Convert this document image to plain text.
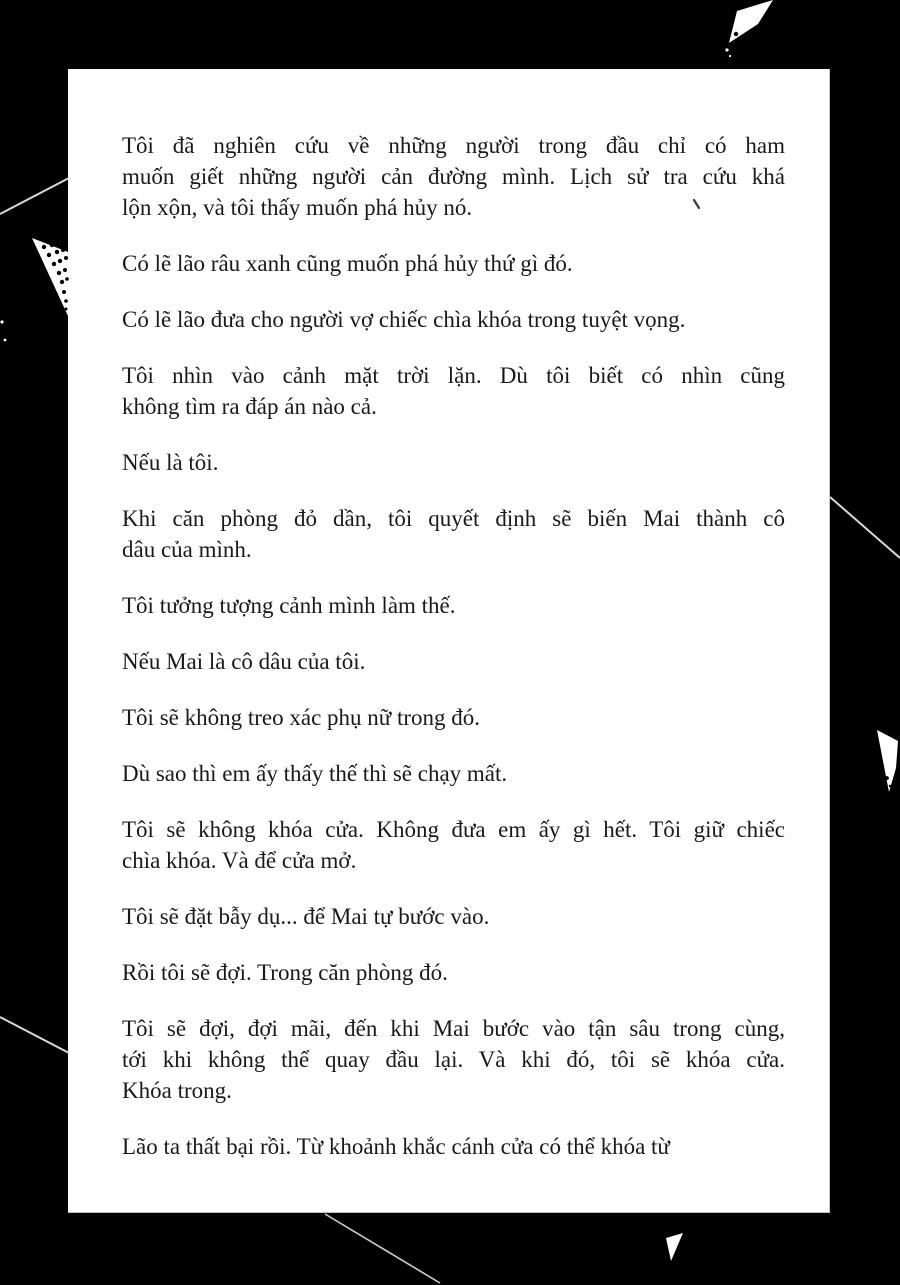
Tôi đã nghiên cứu về những người trong đầu chỉ có ham
muốn giết những người cản đường mình. Lịch sử tra cứu khá
lộn xộn, và tôi thấy muốn phá hủy nó.
Có lẽ lão râu xanh cũng muốn phá hủy thứ gì đó.
Có lẽ lão đưa cho người vợ chiếc chìa khóa trong tuyệt vọng.
Tôi nhìn vào cảnh mặt trời lặn. Dù tôi biết có nhìn cũng
không tìm ra đáp án nào cả.
Nếu là tôi.
Khi căn phòng đỏ dần, tôi quyết định sẽ biến Mai thành cô
dâu của mình.
Tôi tưởng tượng cảnh mình làm thế.
Nếu Mai là cô dâu của tôi.
Tôi sẽ không treo xác phụ nữ trong đó.
Dù sao thì em ấy thấy thế thì sẽ chạy mất.
Tôi sẽ không khóa cửa. Không đưa em ấy gì hết. Tôi giữ chiếc
chìa khóa. Và để cửa mở.
Tôi sẽ đặt bẫy dụ... để Mai tự bước vào.
Rồi tôi sẽ đợi. Trong căn phòng đó.
Tôi sẽ đợi, đợi mãi, đến khi Mai bước vào tận sâu trong cùng,
tới khi không thể quay đầu lại. Và khi đó, tôi sẽ khóa cửa.
Khóa trong.
Lão ta thất bại rồi. Từ khoảnh khắc cánh cửa có thể khóa từ
